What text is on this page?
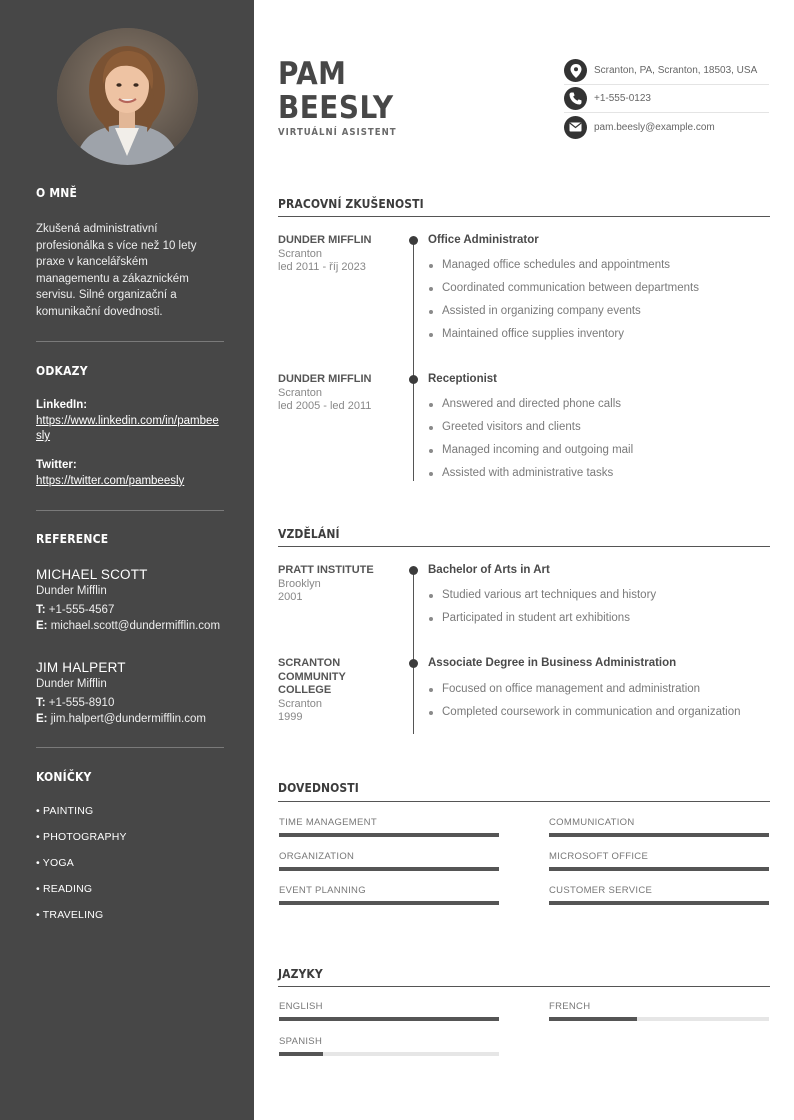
O MNĚ

Zkušená administrativní profesionálka s více než 10 lety praxe v kancelářském managementu a zákaznickém servisu. Silné organizační a komunikační dovednosti.

ODKAZY
LinkedIn:
https://www.linkedin.com/in/pambeesly
Twitter:
https://twitter.com/pambeesly
REFERENCE
MICHAEL SCOTT
Dunder Mifflin
T: +1-555-4567
E: michael.scott@dundermifflin.com
JIM HALPERT
Dunder Mifflin
T: +1-555-8910
E: jim.halpert@dundermifflin.com
KONÍČKY
• PAINTING
• PHOTOGRAPHY
• YOGA
• READING
• TRAVELING
PAM
BEESLY
VIRTUÁLNÍ ASISTENT
Scranton, PA, Scranton, 18503, USA
+1-555-0123
pam.beesly@example.com
PRACOVNÍ ZKUŠENOSTI
DUNDER MIFFLIN
Scranton
led 2011 - říj 2023
Office Administrator
Managed office schedules and appointments
Coordinated communication between departments
Assisted in organizing company events
Maintained office supplies inventory
DUNDER MIFFLIN
Scranton
led 2005 - led 2011
Receptionist
Answered and directed phone calls
Greeted visitors and clients
Managed incoming and outgoing mail
Assisted with administrative tasks
VZDĚLÁNÍ
PRATT INSTITUTE
Brooklyn
2001
Bachelor of Arts in Art
Studied various art techniques and history
Participated in student art exhibitions
SCRANTON
COMMUNITY
COLLEGE
Scranton
1999
Associate Degree in Business Administration
Focused on office management and administration
Completed coursework in communication and organization
DOVEDNOSTI
TIME MANAGEMENT	COMMUNICATION
ORGANIZATION	MICROSOFT OFFICE
EVENT PLANNING	CUSTOMER SERVICE
JAZYKY
ENGLISH	FRENCH
SPANISH
